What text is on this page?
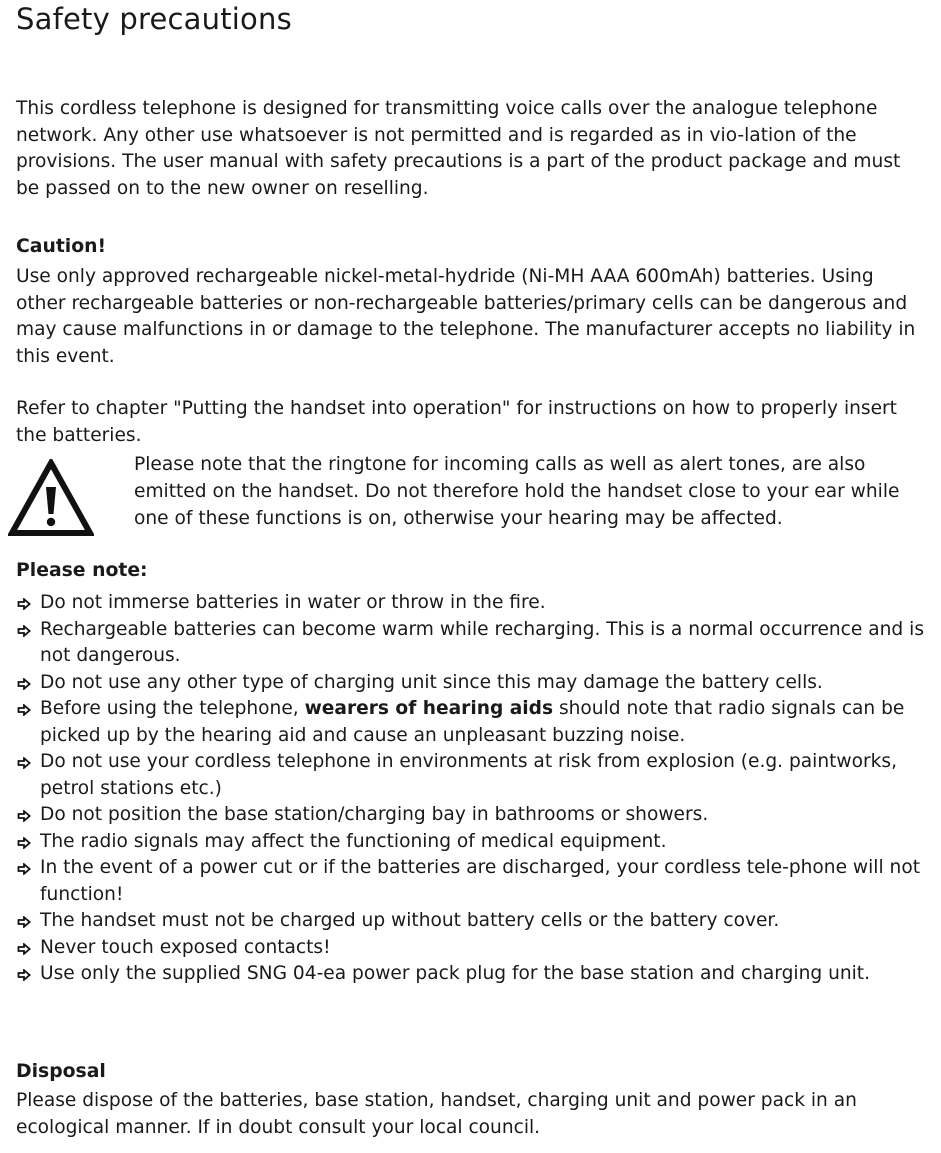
Safety precautions

This cordless telephone is designed for transmitting voice calls over the analogue telephone network. Any other use whatsoever is not permitted and is regarded as in vio-lation of the provisions. The user manual with safety precautions is a part of the product package and must be passed on to the new owner on reselling.

Caution!

Use only approved rechargeable nickel-metal-hydride (Ni-MH AAA 600mAh) batteries. Using other rechargeable batteries or non-rechargeable batteries/primary cells can be dangerous and may cause malfunctions in or damage to the telephone. The manufacturer accepts no liability in this event.

Refer to chapter "Putting the handset into operation" for instructions on how to properly insert the batteries.

Please note that the ringtone for incoming calls as well as alert tones, are also emitted on the handset. Do not therefore hold the handset close to your ear while one of these functions is on, otherwise your hearing may be affected.

Please note:
Do not immerse batteries in water or throw in the fire.
Rechargeable batteries can become warm while recharging. This is a normal occurrence and is not dangerous.
Do not use any other type of charging unit since this may damage the battery cells.
Before using the telephone, wearers of hearing aids should note that radio signals can be picked up by the hearing aid and cause an unpleasant buzzing noise.
Do not use your cordless telephone in environments at risk from explosion (e.g. paintworks, petrol stations etc.)
Do not position the base station/charging bay in bathrooms or showers.
The radio signals may affect the functioning of medical equipment.
In the event of a power cut or if the batteries are discharged, your cordless tele-phone will not function!
The handset must not be charged up without battery cells or the battery cover.
Never touch exposed contacts!
Use only the supplied SNG 04-ea power pack plug for the base station and charging unit.
Disposal

Please dispose of the batteries, base station, handset, charging unit and power pack in an ecological manner. If in doubt consult your local council.
